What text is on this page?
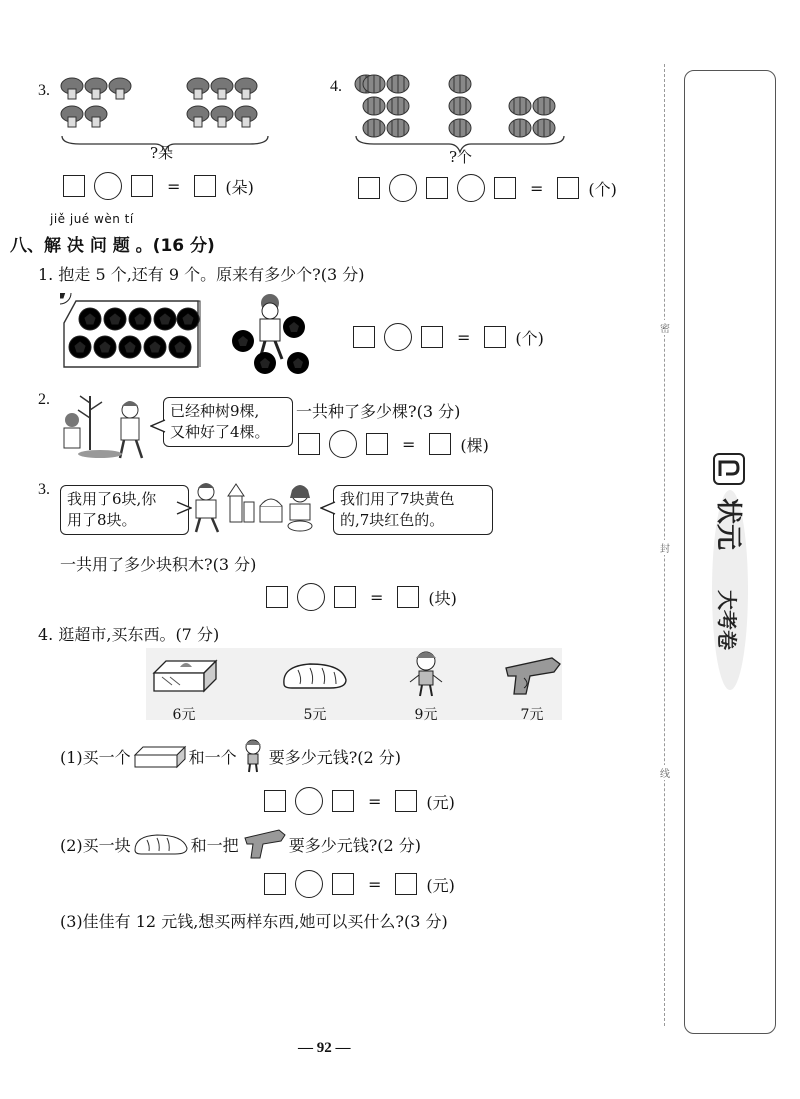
3.
?朵
=	(朵)
4.
?个
=	(个)
jiě jué wèn tí
八、解 决 问 题 。(16 分)
1. 抱走 5 个,还有 9 个。原来有多少个?(3 分)
=	(个)
2.
已经种树9棵,
又种好了4棵。
一共种了多少棵?(3 分)
=	(棵)
3.
我用了6块,你
用了8块。
我们用了7块黄色
的,7块红色的。
一共用了多少块积木?(3 分)
=	(块)
4. 逛超市,买东西。(7 分)
6元	5元	9元	7元
(1)买一个	和一个 要多少元钱?(2 分)
=	(元)
(2)买一块	和一把	要多少元钱?(2 分)
=	(元)
(3)佳佳有 12 元钱,想买两样东西,她可以买什么?(3 分)
— 92 —
密
封
线
状元
大考卷
